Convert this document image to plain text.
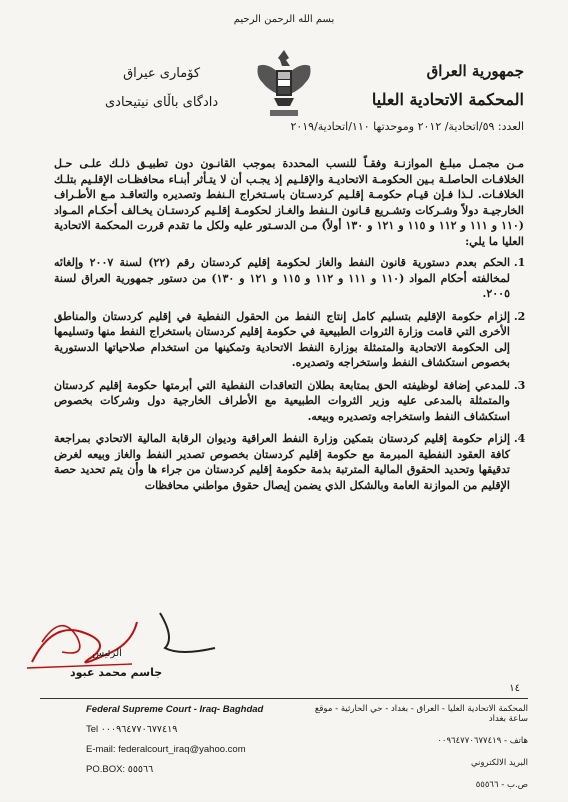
بسم الله الرحمن الرحيم
جمهورية العراق
المحكمة الاتحادية العليا
كۆمارى عيراق
دادگاى باڵاى نيتيحادى
العدد: ٥٩/اتحادية/ ٢٠١٢ وموحدتها ١١٠/اتحادية/٢٠١٩

مـن مجمـل مبلـغ الموازنـة وفقـاً للنسب المحددة بموجب القانـون دون تطبيـق ذلـك علـى حـل الخلافـات الحاصلـة بـين الحكومـة الاتحاديـة والإقلـيم إذ يجـب أن لا يتـأثر أبنـاء محافظـات الإقلـيم بتلـك الخلافـات. لـذا فـإن قيـام حكومـة إقلـيم كردسـتان باسـتخراج الـنفط وتصديره والتعاقـد مـع الأطـراف الخارجيـة دولاً وشـركات وتشـريع قـانون الـنفط والغـاز لحكومـة إقلـيم كردستـان يخـالف أحكـام المـواد (١١٠ و ١١١ و ١١٢ و ١١٥ و ١٢١ و ١٣٠ أولاً) مـن الدسـتور عليه ولكل ما تقدم قررت المحكمة الاتحادية العليا ما يلي:

1. الحكم بعدم دستورية قانون النفط والغاز لحكومة إقليم كردستان رقم (٢٢) لسنة ٢٠٠٧ وإلغائه لمخالفته أحكام المواد (١١٠ و ١١١ و ١١٢ و ١١٥ و ١٢١ و ١٣٠) من دستور جمهورية العراق لسنة ٢٠٠٥.
2. إلزام حكومة الإقليم بتسليم كامل إنتاج النفط من الحقول النفطية في إقليم كردستان والمناطق الأخرى التي قامت وزارة الثروات الطبيعية في حكومة إقليم كردستان باستخراج النفط منها وتسليمها إلى الحكومة الاتحادية والمتمثلة بوزارة النفط الاتحادية وتمكينها من استخدام صلاحياتها الدستورية بخصوص استكشاف النفط واستخراجه وتصديره.
3. للمدعي إضافة لوظيفته الحق بمتابعة بطلان التعاقدات النفطية التي أبرمتها حكومة إقليم كردستان والمتمثلة بالمدعى عليه وزير الثروات الطبيعية مع الأطراف الخارجية دول وشركات بخصوص استكشاف النفط واستخراجه وتصديره وبيعه.
4. إلزام حكومة إقليم كردستان بتمكين وزارة النفط العراقية وديوان الرقابة المالية الاتحادي بمراجعة كافة العقود النفطية المبرمة مع حكومة إقليم كردستان بخصوص تصدير النفط والغاز وبيعه لغرض تدقيقها وتحديد الحقوق المالية المترتبة بذمة حكومة إقليم كردستان من جراء ها وأن يتم تحديد حصة الإقليم من الموازنة العامة وبالشكل الذي يضمن إيصال حقوق مواطني محافظات
الرئيس
جاسم محمد عبود
١٤
Federal Supreme Court - Iraq- Baghdad
Tel ٠٠٠٩٦٤٧٧٠٦٧٧٤١٩
E-mail: federalcourt_iraq@yahoo.com
PO.BOX: ٥٥٥٦٦
المحكمة الاتحادية العليا - العراق - بغداد - حي الحارثية - موقع ساعة بغداد
هاتف - ٠٠٩٦٤٧٧٠٦٧٧٤١٩
البريد الالكتروني
ص.ب - ٥٥٥٦٦
